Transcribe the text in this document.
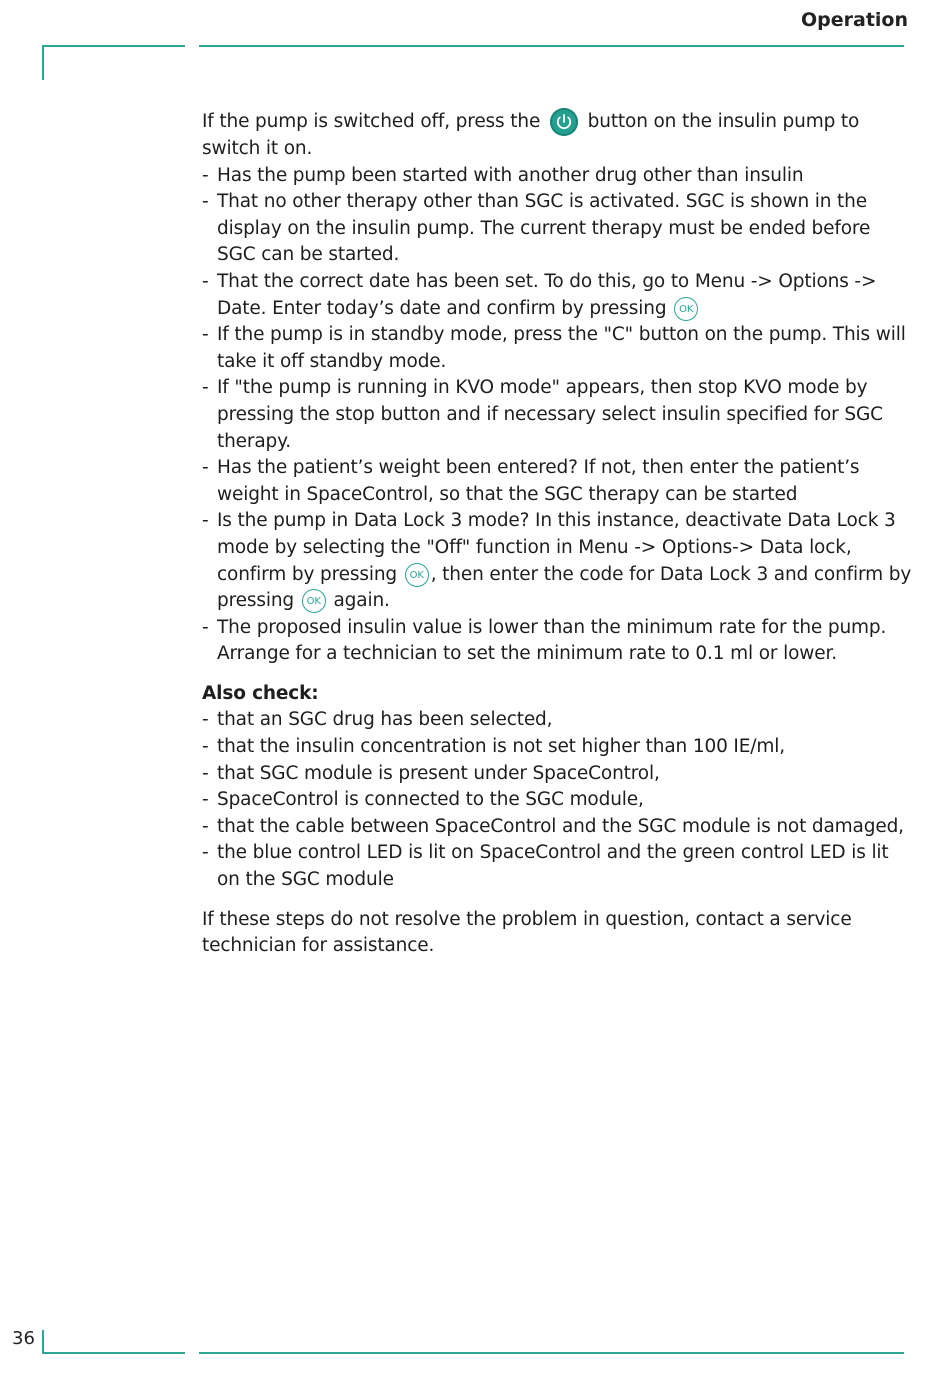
Operation

If the pump is switched off, press the	button on the insulin pump to switch it on.

- Has the pump been started with another drug other than insulin
- That no other therapy other than SGC is activated. SGC is shown in the display on the insulin pump. The current therapy must be ended before SGC can be started.
- That the correct date has been set. To do this, go to Menu -> Options -> Date. Enter today’s date and confirm by pressing OK
- If the pump is in standby mode, press the "C" button on the pump. This will take it off standby mode.
- If "the pump is running in KVO mode" appears, then stop KVO mode by pressing the stop button and if necessary select insulin specified for SGC therapy.
- Has the patient’s weight been entered? If not, then enter the patient’s weight in SpaceControl, so that the SGC therapy can be started
- Is the pump in Data Lock 3 mode? In this instance, deactivate Data Lock 3 mode by selecting the "Off" function in Menu -> Options-> Data lock, confirm by pressing OK , then enter the code for Data Lock 3 and confirm by pressing OK again.
- The proposed insulin value is lower than the minimum rate for the pump. Arrange for a technician to set the minimum rate to 0.1 ml or lower.

Also check:

- that an SGC drug has been selected,
- that the insulin concentration is not set higher than 100 IE/ml,
- that SGC module is present under SpaceControl,
- SpaceControl is connected to the SGC module,
- that the cable between SpaceControl and the SGC module is not damaged,
- the blue control LED is lit on SpaceControl and the green control LED is lit on the SGC module

If these steps do not resolve the problem in question, contact a service technician for assistance.

36
